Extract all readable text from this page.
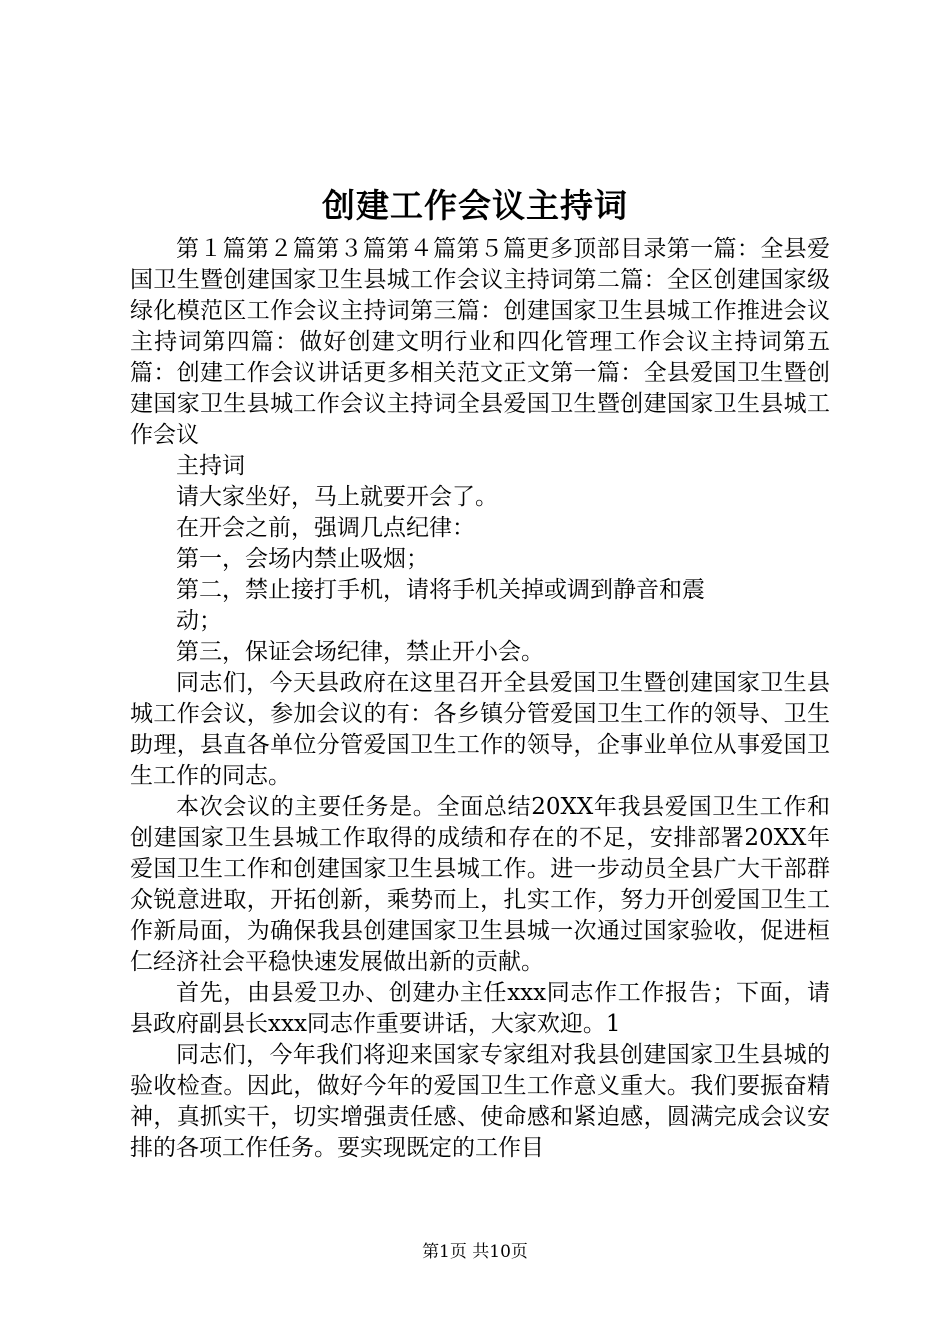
创建工作会议主持词

第１篇第２篇第３篇第４篇第５篇更多顶部目录第一篇：全县爱国卫生暨创建国家卫生县城工作会议主持词第二篇：全区创建国家级绿化模范区工作会议主持词第三篇：创建国家卫生县城工作推进会议主持词第四篇：做好创建文明行业和四化管理工作会议主持词第五篇：创建工作会议讲话更多相关范文正文第一篇：全县爱国卫生暨创建国家卫生县城工作会议主持词全县爱国卫生暨创建国家卫生县城工作会议

主持词

请大家坐好，马上就要开会了。

在开会之前，强调几点纪律：

第一，会场内禁止吸烟；

第二，禁止接打手机，请将手机关掉或调到静音和震

动；

第三，保证会场纪律，禁止开小会。

同志们，今天县政府在这里召开全县爱国卫生暨创建国家卫生县城工作会议，参加会议的有：各乡镇分管爱国卫生工作的领导、卫生助理，县直各单位分管爱国卫生工作的领导，企事业单位从事爱国卫生工作的同志。

本次会议的主要任务是。全面总结20XX年我县爱国卫生工作和创建国家卫生县城工作取得的成绩和存在的不足，安排部署20XX年爱国卫生工作和创建国家卫生县城工作。进一步动员全县广大干部群众锐意进取，开拓创新，乘势而上，扎实工作，努力开创爱国卫生工作新局面，为确保我县创建国家卫生县城一次通过国家验收，促进桓仁经济社会平稳快速发展做出新的贡献。

首先，由县爱卫办、创建办主任xxx同志作工作报告；下面，请县政府副县长xxx同志作重要讲话，大家欢迎。1

同志们，今年我们将迎来国家专家组对我县创建国家卫生县城的验收检查。因此，做好今年的爱国卫生工作意义重大。我们要振奋精神，真抓实干，切实增强责任感、使命感和紧迫感，圆满完成会议安排的各项工作任务。要实现既定的工作目

第1页 共10页
